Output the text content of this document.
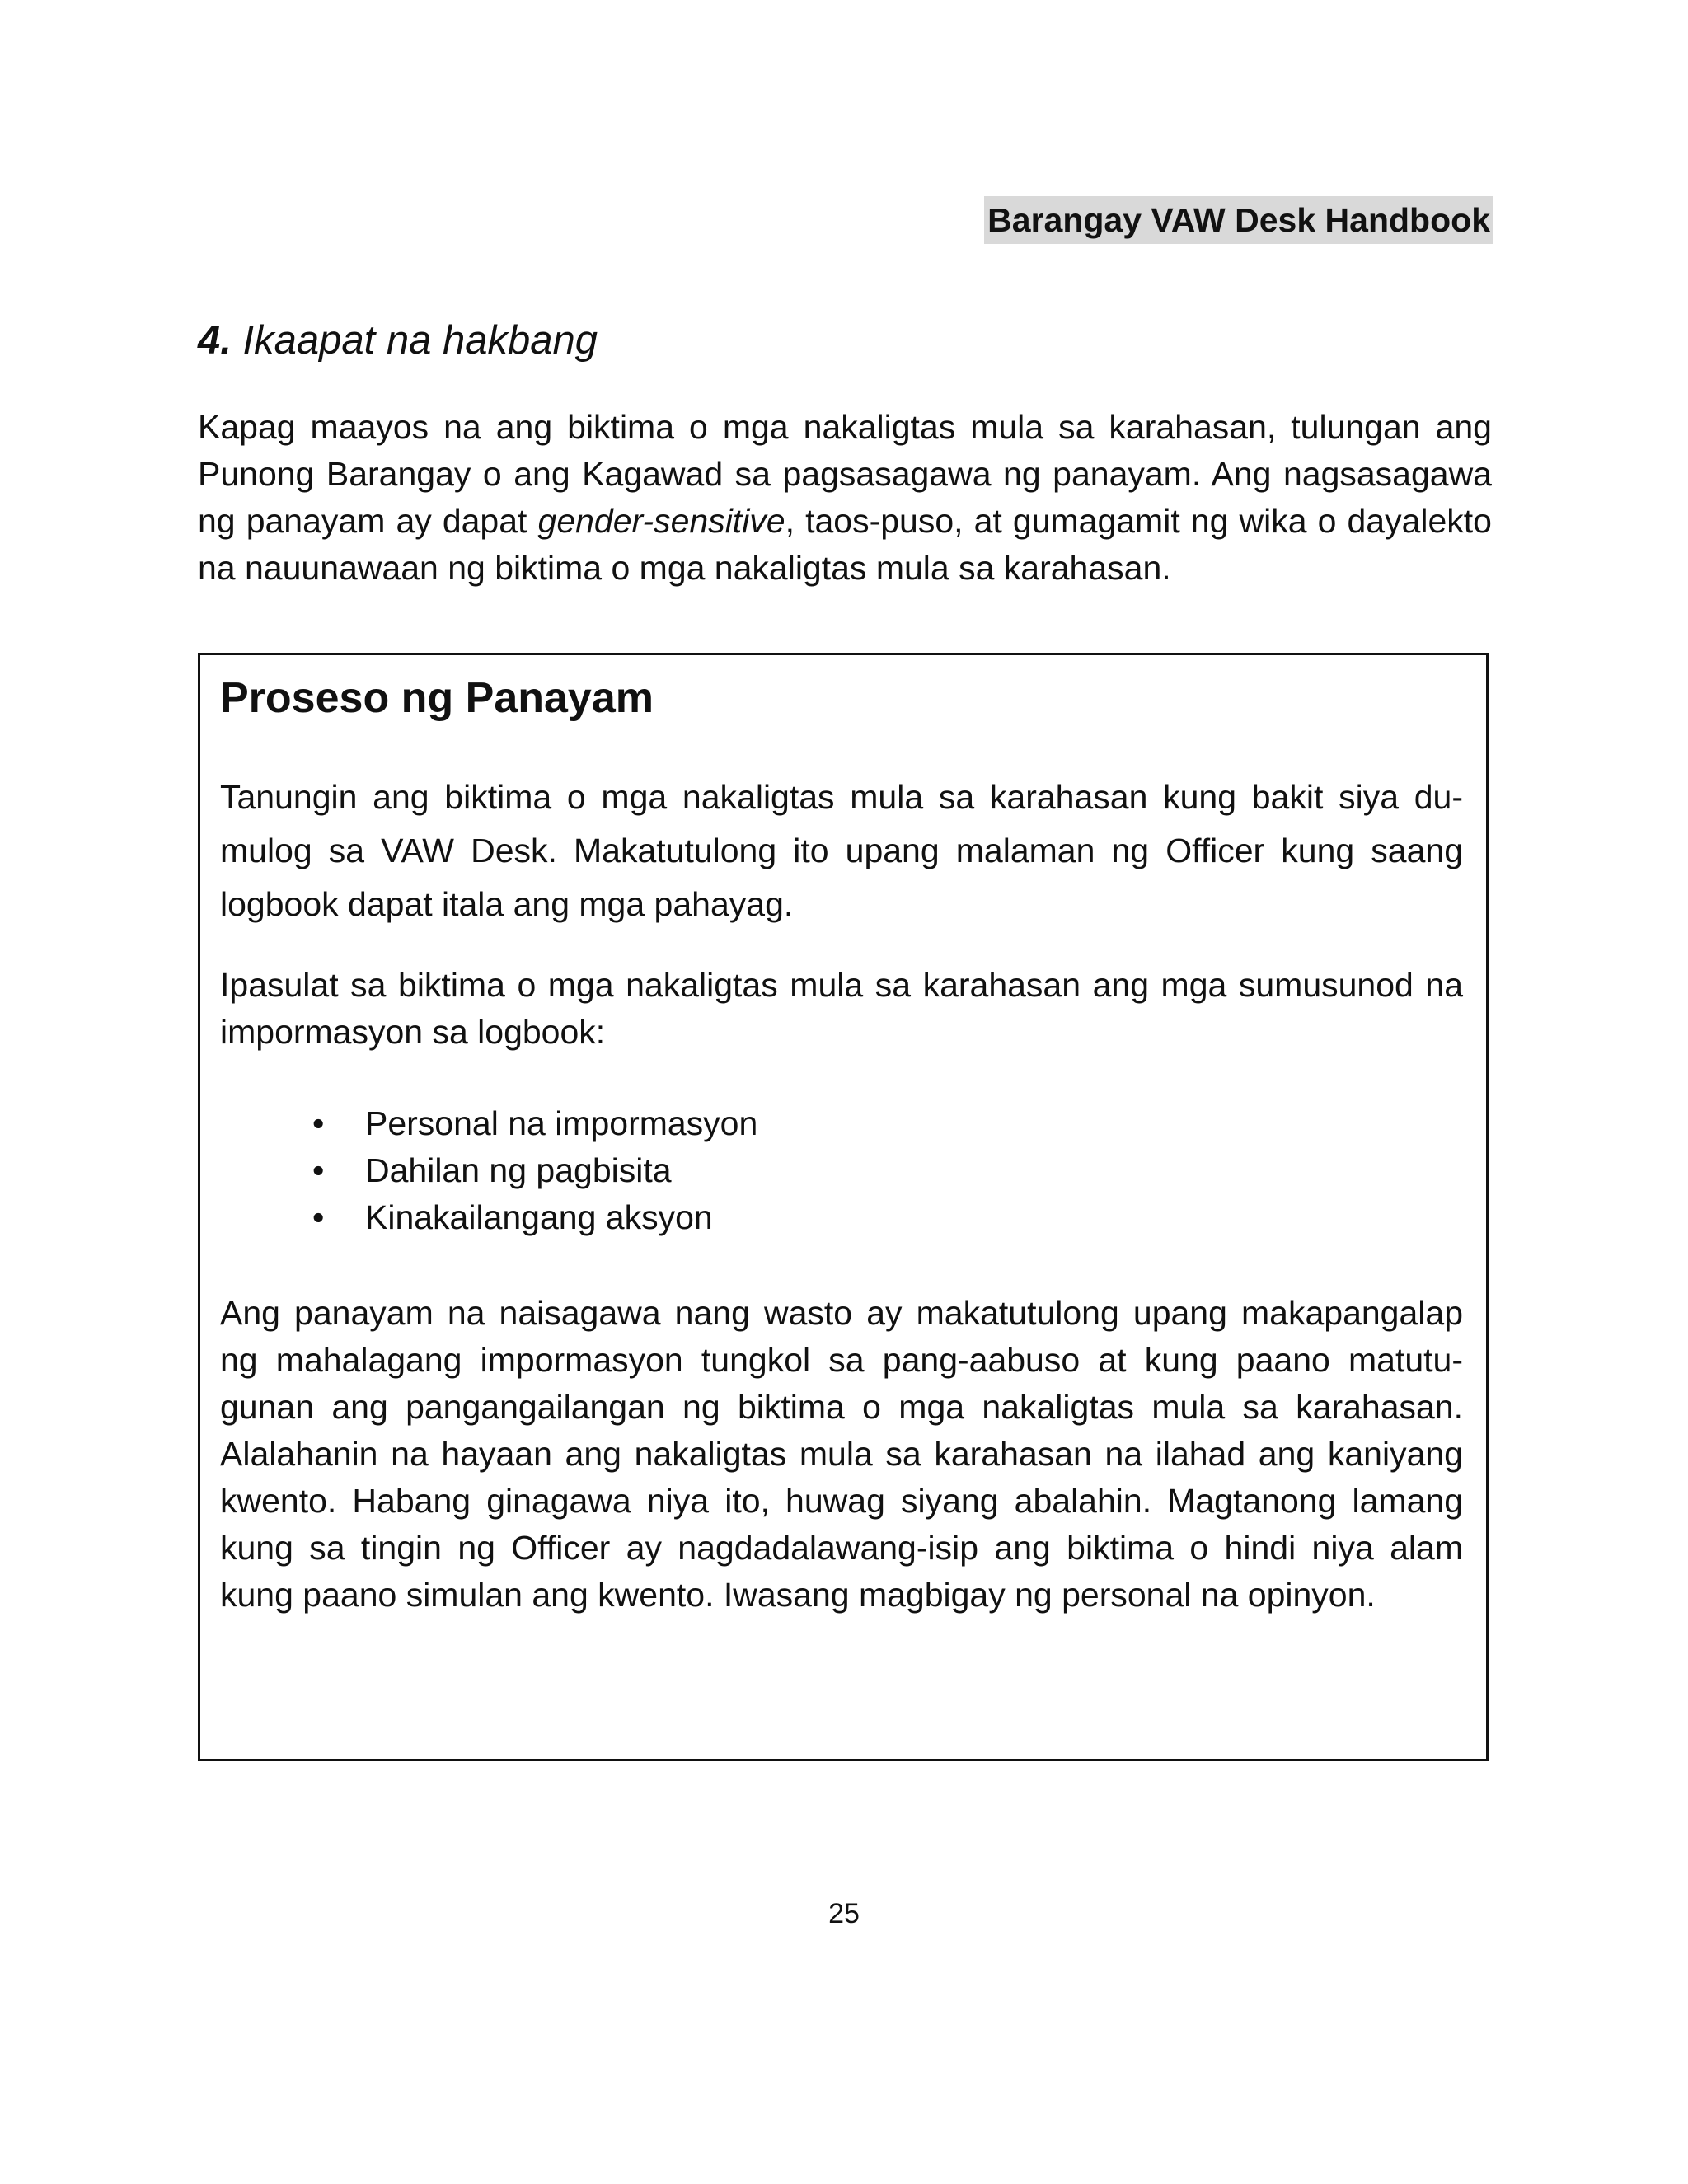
Barangay VAW Desk Handbook
4. Ikaapat na hakbang

Kapag maayos na ang biktima o mga nakaligtas mula sa karahasan, tulungan ang Punong Barangay o ang Kagawad sa pagsasagawa ng panayam. Ang nagsasagawa ng panayam ay dapat gender-sensitive, taos-puso, at gumagamit ng wika o dayalekto na nauunawaan ng biktima o mga nakaligtas mula sa karahasan.

Proseso ng Panayam

Tanungin ang biktima o mga nakaligtas mula sa karahasan kung bakit siya du-mulog sa VAW Desk. Makatutulong ito upang malaman ng Officer kung saang logbook dapat itala ang mga pahayag.

Ipasulat sa biktima o mga nakaligtas mula sa karahasan ang mga sumusunod na impormasyon sa logbook:

• Personal na impormasyon
• Dahilan ng pagbisita
• Kinakailangang aksyon

Ang panayam na naisagawa nang wasto ay makatutulong upang makapangalap ng mahalagang impormasyon tungkol sa pang-aabuso at kung paano matutu-gunan ang pangangailangan ng biktima o mga nakaligtas mula sa karahasan. Alalahanin na hayaan ang nakaligtas mula sa karahasan na ilahad ang kaniyang kwento. Habang ginagawa niya ito, huwag siyang abalahin. Magtanong lamang kung sa tingin ng Officer ay nagdadalawang-isip ang biktima o hindi niya alam kung paano simulan ang kwento. Iwasang magbigay ng personal na opinyon.

25
